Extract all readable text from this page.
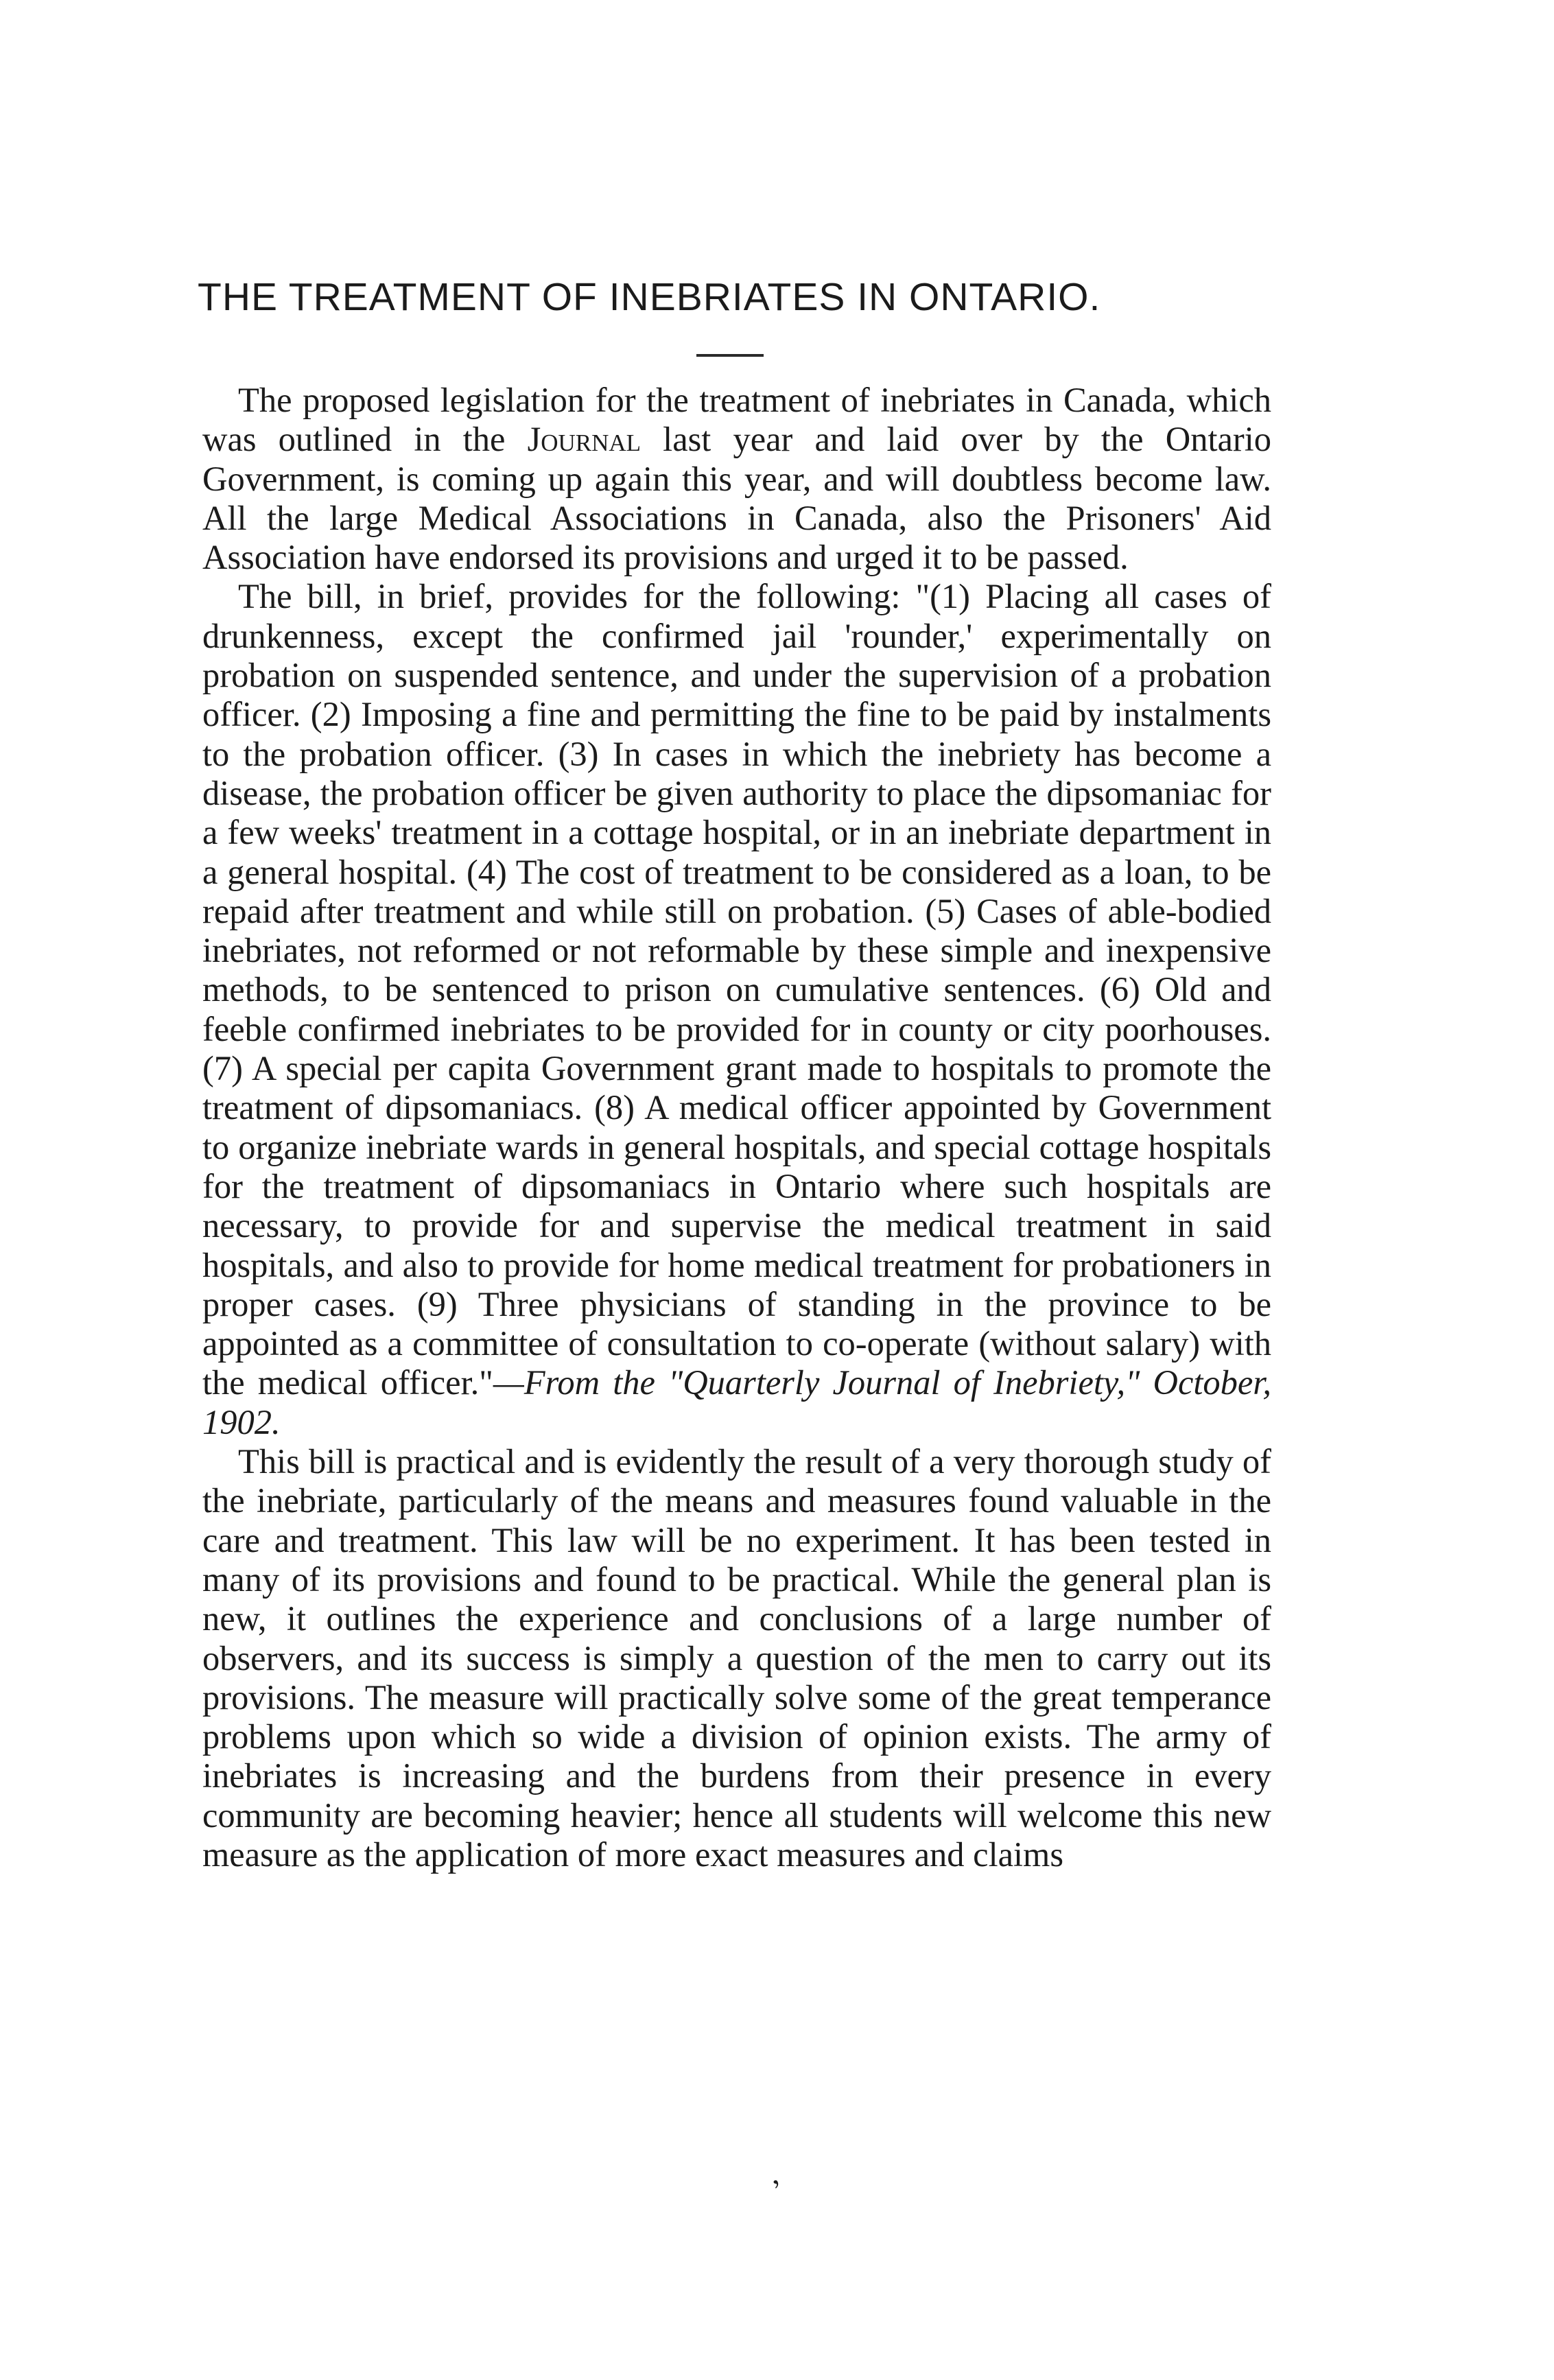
THE TREATMENT OF INEBRIATES IN ONTARIO.

The proposed legislation for the treatment of inebriates in Canada, which was outlined in the Journal last year and laid over by the Ontario Government, is coming up again this year, and will doubtless become law. All the large Medical Associations in Canada, also the Prisoners' Aid Association have endorsed its provisions and urged it to be passed.

The bill, in brief, provides for the following: "(1) Placing all cases of drunkenness, except the confirmed jail 'rounder,' experimentally on probation on suspended sentence, and under the supervision of a probation officer. (2) Imposing a fine and permitting the fine to be paid by instalments to the probation officer. (3) In cases in which the inebriety has become a disease, the probation officer be given authority to place the dipsomaniac for a few weeks' treatment in a cottage hospital, or in an inebriate department in a general hospital. (4) The cost of treatment to be considered as a loan, to be repaid after treatment and while still on probation. (5) Cases of able-bodied inebriates, not reformed or not reformable by these simple and inexpensive methods, to be sentenced to prison on cumulative sentences. (6) Old and feeble confirmed inebriates to be provided for in county or city poorhouses. (7) A special per capita Government grant made to hospitals to promote the treatment of dipsomaniacs. (8) A medical officer appointed by Government to organize inebriate wards in general hospitals, and special cottage hospitals for the treatment of dipsomaniacs in Ontario where such hospitals are necessary, to provide for and supervise the medical treatment in said hospitals, and also to provide for home medical treatment for probationers in proper cases. (9) Three physicians of standing in the province to be appointed as a committee of consultation to co-operate (without salary) with the medical officer."—From the "Quarterly Journal of Inebriety," October, 1902.

This bill is practical and is evidently the result of a very thorough study of the inebriate, particularly of the means and measures found valuable in the care and treatment. This law will be no experiment. It has been tested in many of its provisions and found to be practical. While the general plan is new, it outlines the experience and conclusions of a large number of observers, and its success is simply a question of the men to carry out its provisions. The measure will practically solve some of the great temperance problems upon which so wide a division of opinion exists. The army of inebriates is increasing and the burdens from their presence in every community are becoming heavier; hence all students will welcome this new measure as the application of more exact measures and claims

’
